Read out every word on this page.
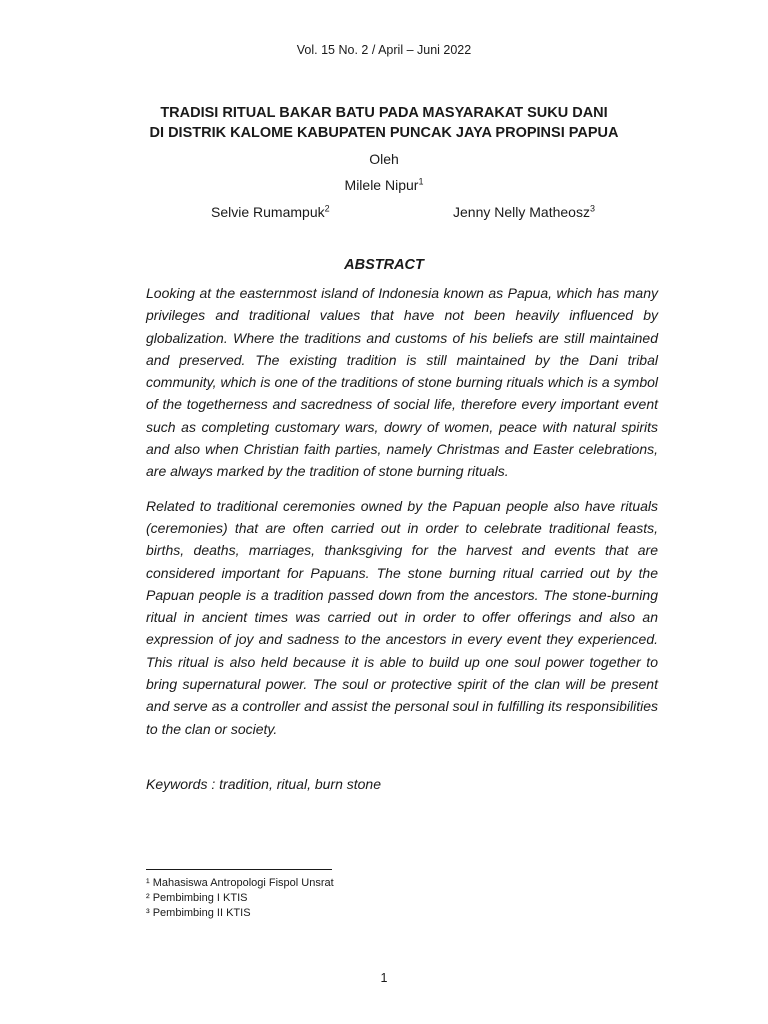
Vol. 15 No. 2 / April – Juni 2022
TRADISI RITUAL BAKAR BATU PADA MASYARAKAT SUKU DANI
DI DISTRIK KALOME KABUPATEN PUNCAK JAYA PROPINSI PAPUA
Oleh
Milele Nipur$^1$
Selvie Rumampuk$^2$	Jenny Nelly Matheosz$^3$
ABSTRACT

Looking at the easternmost island of Indonesia known as Papua, which has many privileges and traditional values that have not been heavily influenced by globalization. Where the traditions and customs of his beliefs are still maintained and preserved. The existing tradition is still maintained by the Dani tribal community, which is one of the traditions of stone burning rituals which is a symbol of the togetherness and sacredness of social life, therefore every important event such as completing customary wars, dowry of women, peace with natural spirits and also when Christian faith parties, namely Christmas and Easter celebrations, are always marked by the tradition of stone burning rituals.

Related to traditional ceremonies owned by the Papuan people also have rituals (ceremonies) that are often carried out in order to celebrate traditional feasts, births, deaths, marriages, thanksgiving for the harvest and events that are considered important for Papuans. The stone burning ritual carried out by the Papuan people is a tradition passed down from the ancestors. The stone-burning ritual in ancient times was carried out in order to offer offerings and also an expression of joy and sadness to the ancestors in every event they experienced. This ritual is also held because it is able to build up one soul power together to bring supernatural power. The soul or protective spirit of the clan will be present and serve as a controller and assist the personal soul in fulfilling its responsibilities to the clan or society.

Keywords : tradition, ritual, burn stone
¹ Mahasiswa Antropologi Fispol Unsrat
² Pembimbing I KTIS
³ Pembimbing II KTIS
1
